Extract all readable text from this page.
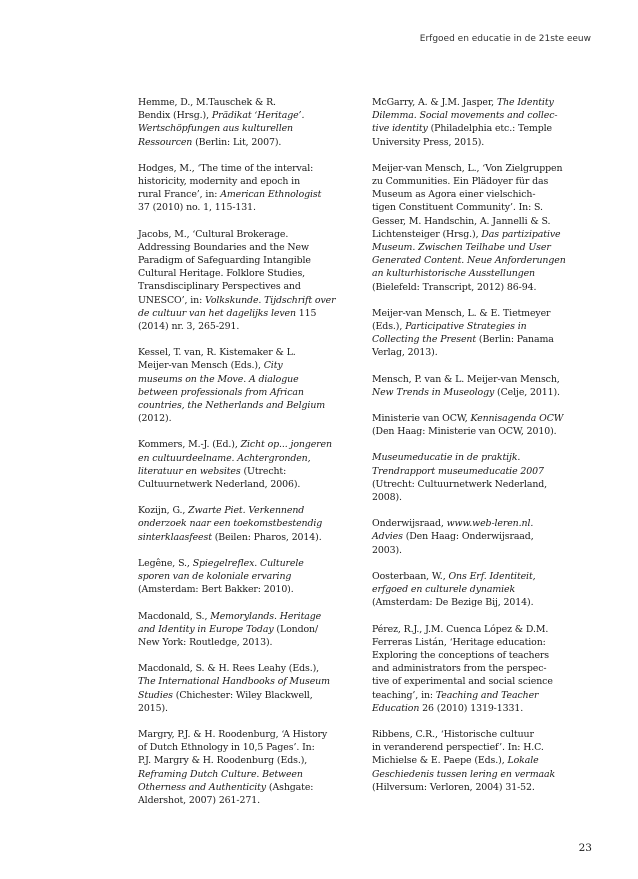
Erfgoed en educatie in de 21ste eeuw

Hemme, D., M.Tauschek & R.
Bendix (Hrsg.), Prädikat ‘Heritage’.
Wertschöpfungen aus kulturellen
Ressourcen (Berlin: Lit, 2007).

Hodges, M., ‘The time of the interval:
historicity, modernity and epoch in
rural France’, in: American Ethnologist
37 (2010) no. 1, 115-131.

Jacobs, M., ‘Cultural Brokerage.
Addressing Boundaries and the New
Paradigm of Safeguarding Intangible
Cultural Heritage. Folklore Studies,
Transdisciplinary Perspectives and
UNESCO’, in: Volkskunde. Tijdschrift over
de cultuur van het dagelijks leven 115
(2014) nr. 3, 265-291.

Kessel, T. van, R. Kistemaker & L.
Meijer-van Mensch (Eds.), City
museums on the Move. A dialogue
between professionals from African
countries, the Netherlands and Belgium
(2012).

Kommers, M.-J. (Ed.), Zicht op... jongeren
en cultuurdeelname. Achtergronden,
literatuur en websites (Utrecht:
Cultuurnetwerk Nederland, 2006).

Kozijn, G., Zwarte Piet. Verkennend
onderzoek naar een toekomstbestendig
sinterklaasfeest (Beilen: Pharos, 2014).

Legêne, S., Spiegelreflex. Culturele
sporen van de koloniale ervaring
(Amsterdam: Bert Bakker: 2010).

Macdonald, S., Memorylands. Heritage
and Identity in Europe Today (London/
New York: Routledge, 2013).

Macdonald, S. & H. Rees Leahy (Eds.),
The International Handbooks of Museum
Studies (Chichester: Wiley Blackwell,
2015).

Margry, P.J. & H. Roodenburg, ‘A History
of Dutch Ethnology in 10,5 Pages’. In:
P.J. Margry & H. Roodenburg (Eds.),
Reframing Dutch Culture. Between
Otherness and Authenticity (Ashgate:
Aldershot, 2007) 261-271.

McGarry, A. & J.M. Jasper, The Identity
Dilemma. Social movements and collec-
tive identity (Philadelphia etc.: Temple
University Press, 2015).

Meijer-van Mensch, L., ‘Von Zielgruppen
zu Communities. Ein Plädoyer für das
Museum as Agora einer vielschich-
tigen Constituent Community’. In: S.
Gesser, M. Handschin, A. Jannelli & S.
Lichtensteiger (Hrsg.), Das partizipative
Museum. Zwischen Teilhabe und User
Generated Content. Neue Anforderungen
an kulturhistorische Ausstellungen
(Bielefeld: Transcript, 2012) 86-94.

Meijer-van Mensch, L. & E. Tietmeyer
(Eds.), Participative Strategies in
Collecting the Present (Berlin: Panama
Verlag, 2013).

Mensch, P. van & L. Meijer-van Mensch,
New Trends in Museology (Celje, 2011).

Ministerie van OCW, Kennisagenda OCW
(Den Haag: Ministerie van OCW, 2010).

Museumeducatie in de praktijk.
Trendrapport museumeducatie 2007
(Utrecht: Cultuurnetwerk Nederland,
2008).

Onderwijsraad, www.web-leren.nl.
Advies (Den Haag: Onderwijsraad,
2003).

Oosterbaan, W., Ons Erf. Identiteit,
erfgoed en culturele dynamiek
(Amsterdam: De Bezige Bij, 2014).

Pérez, R.J., J.M. Cuenca López & D.M.
Ferreras Listán, ‘Heritage education:
Exploring the conceptions of teachers
and administrators from the perspec-
tive of experimental and social science
teaching’, in: Teaching and Teacher
Education 26 (2010) 1319-1331.

Ribbens, C.R., ‘Historische cultuur
in veranderend perspectief’. In: H.C.
Michielse & E. Paepe (Eds.), Lokale
Geschiedenis tussen lering en vermaak
(Hilversum: Verloren, 2004) 31-52.

23
